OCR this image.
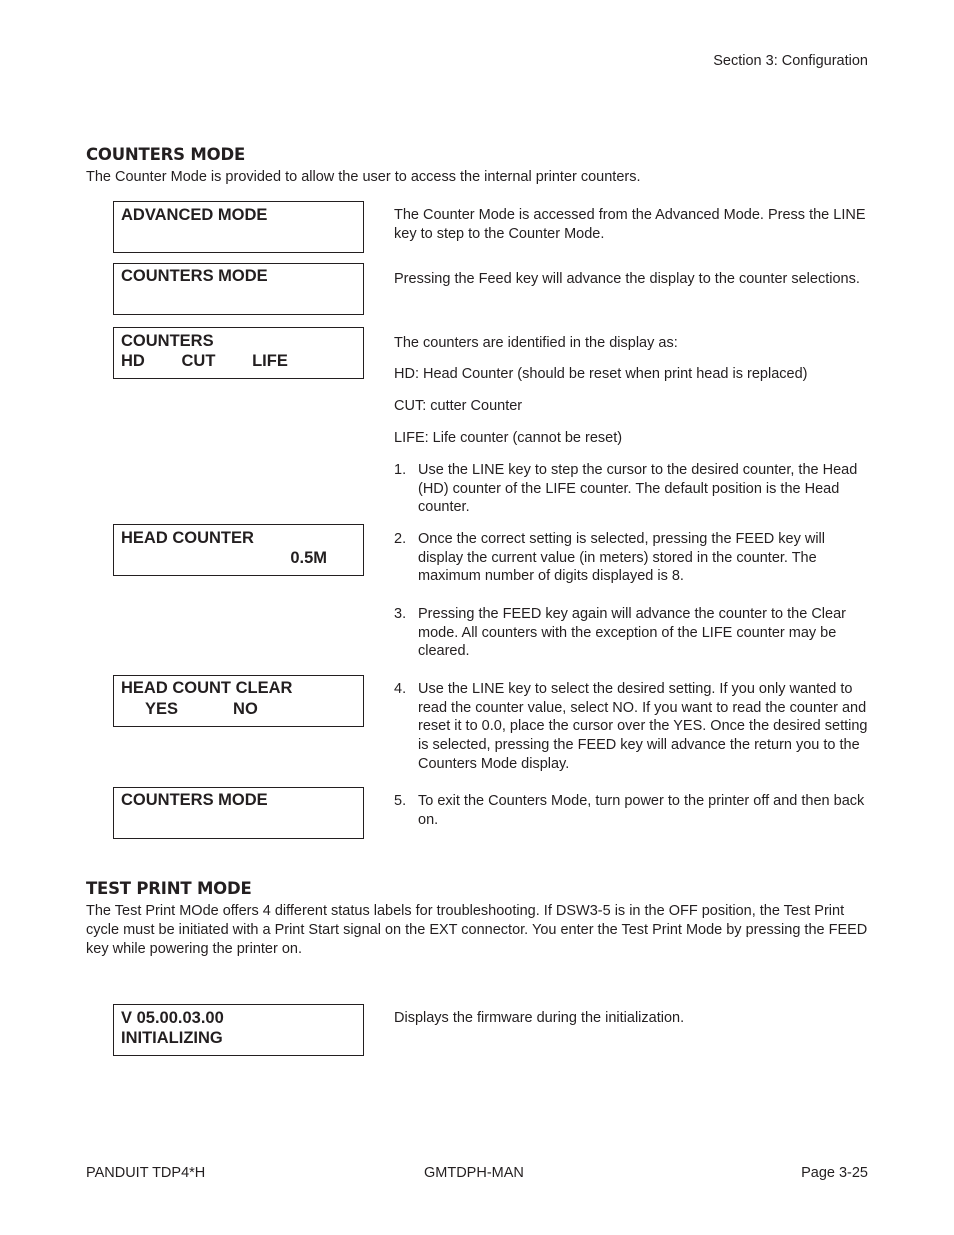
Section 3: Configuration
COUNTERS MODE
The Counter Mode is provided to allow the user to access the internal printer counters.
ADVANCED MODE	The Counter Mode is accessed from the Advanced Mode. Press the LINE key to step to the Counter Mode.
COUNTERS MODE	Pressing the Feed key will advance the display to the counter selections.
COUNTERS
HD        CUT        LIFE
The counters are identified in the display as:
HD: Head Counter (should be reset when print head is replaced)
CUT: cutter Counter
LIFE: Life counter (cannot be reset)
1. Use the LINE key to step the cursor to the desired counter, the Head (HD) counter of the LIFE counter. The default position is the Head counter.
HEAD COUNTER
0.5M
2. Once the correct setting is selected, pressing the FEED key will display the current value (in meters) stored in the counter. The maximum number of digits displayed is 8.
3. Pressing the FEED key again will advance the counter to the Clear mode. All counters with the exception of the LIFE counter may be cleared.
HEAD COUNT CLEAR
YES            NO
4. Use the LINE key to select the desired setting. If you only wanted to read the counter value, select NO. If you want to read the counter and reset it to 0.0, place the cursor over the YES. Once the desired setting is selected, pressing the FEED key will advance the return you to the Counters Mode display.
COUNTERS MODE	5. To exit the Counters Mode, turn power to the printer off and then back on.
TEST PRINT MODE
The Test Print MOde offers 4 different status labels for troubleshooting. If DSW3-5 is in the OFF position, the Test Print cycle must be initiated with a Print Start signal on the EXT connector. You enter the Test Print Mode by pressing the FEED key while powering the printer on.
V 05.00.03.00
INITIALIZING
Displays the firmware during the initialization.
PANDUIT TDP4*H	GMTDPH-MAN	Page 3-25
